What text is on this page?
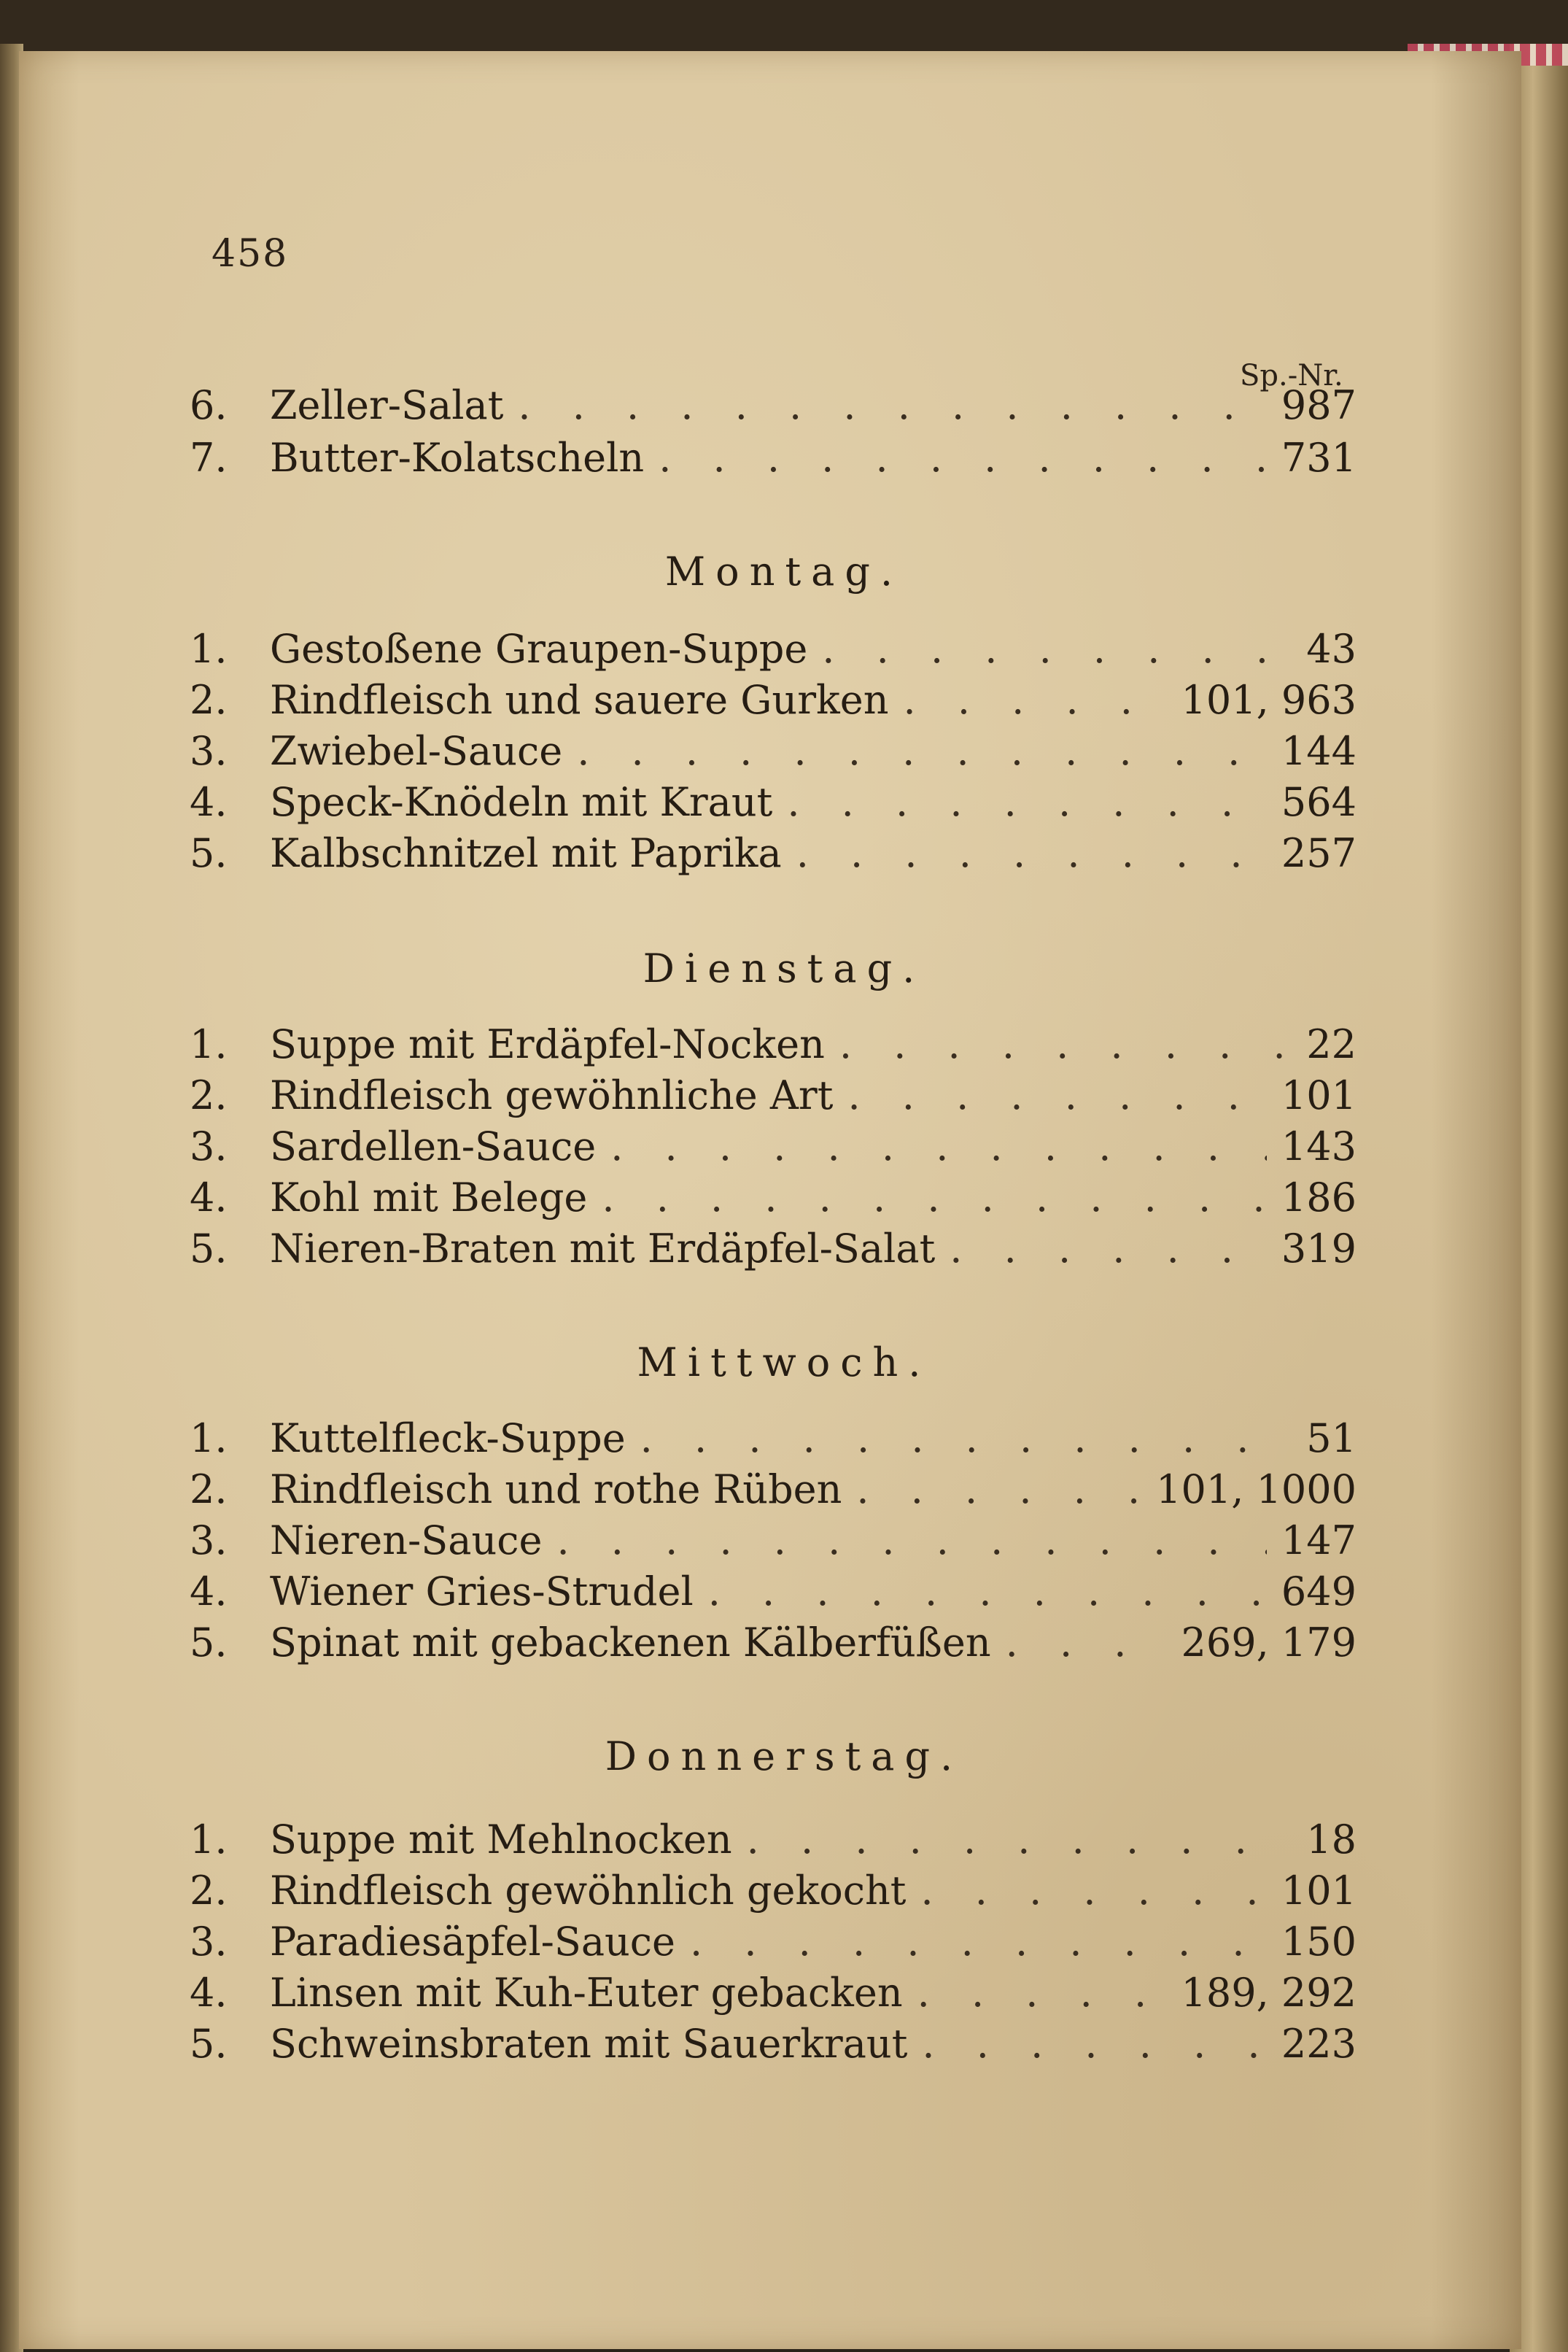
458
Sp.-Nr.
6.	Zeller-Salat . . .	987
7.	Butter-Kolatscheln . . .	731
Montag.
1.	Gestoßene Graupen-Suppe . . .	43
2.	Rindfleisch und sauere Gurken . . .	101, 963
3.	Zwiebel-Sauce . . .	144
4.	Speck-Knödeln mit Kraut . . .	564
5.	Kalbschnitzel mit Paprika . . .	257
Dienstag.
1.	Suppe mit Erdäpfel-Nocken . . .	22
2.	Rindfleisch gewöhnliche Art . . .	101
3.	Sardellen-Sauce . . .	143
4.	Kohl mit Belege . . .	186
5.	Nieren-Braten mit Erdäpfel-Salat . . .	319
Mittwoch.
1.	Kuttelfleck-Suppe . . .	51
2.	Rindfleisch und rothe Rüben . . .	101, 1000
3.	Nieren-Sauce . . .	147
4.	Wiener Gries-Strudel . . .	649
5.	Spinat mit gebackenen Kälberfüßen . . .	269, 179
Donnerstag.
1.	Suppe mit Mehlnocken . . .	18
2.	Rindfleisch gewöhnlich gekocht . . .	101
3.	Paradiesäpfel-Sauce . . .	150
4.	Linsen mit Kuh-Euter gebacken . . .	189, 292
5.	Schweinsbraten mit Sauerkraut . . .	223
